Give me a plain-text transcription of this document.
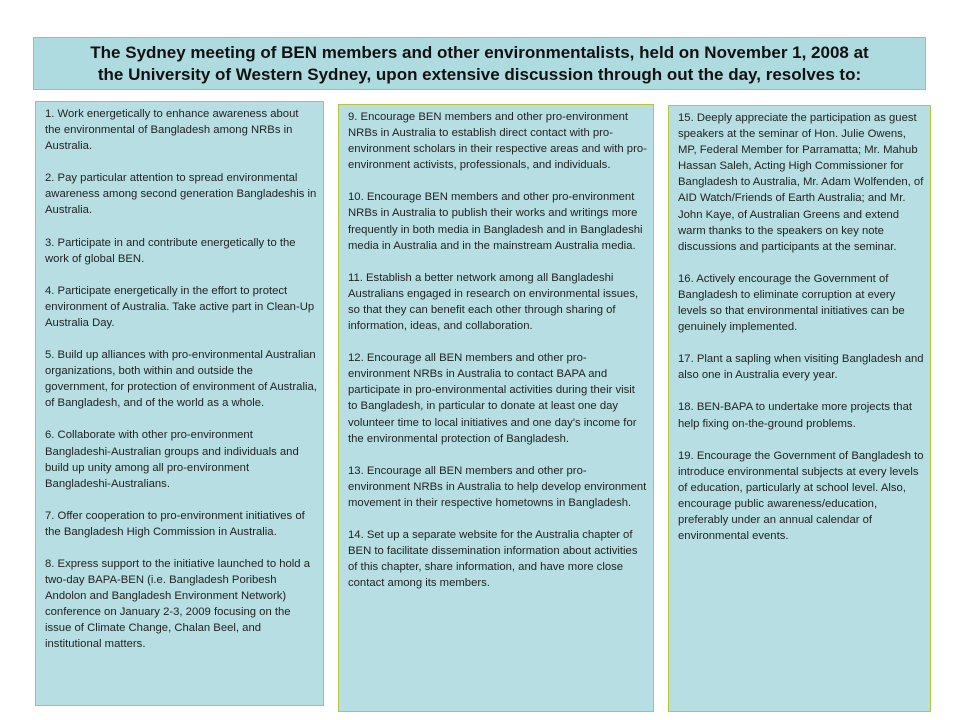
The Sydney meeting of BEN members and other environmentalists, held on November 1, 2008 at
the University of Western Sydney, upon extensive discussion through out the day, resolves to:

1. Work energetically to enhance awareness about the environmental of Bangladesh among NRBs in Australia.

2. Pay particular attention to spread environmental awareness among second generation Bangladeshis in Australia.

3. Participate in and contribute energetically to the work of global BEN.

4. Participate energetically in the effort to protect environment of Australia. Take active part in Clean-Up Australia Day.

5. Build up alliances with pro-environmental Australian organizations, both within and outside the government, for protection of environment of Australia, of Bangladesh, and of the world as a whole.

6. Collaborate with other pro-environment Bangladeshi-Australian groups and individuals and build up unity among all pro-environment Bangladeshi-Australians.

7. Offer cooperation to pro-environment initiatives of the Bangladesh High Commission in Australia.

8. Express support to the initiative launched to hold a two-day BAPA-BEN (i.e. Bangladesh Poribesh Andolon and Bangladesh Environment Network) conference on January 2-3, 2009 focusing on the issue of Climate Change, Chalan Beel, and institutional matters.

9. Encourage BEN members and other pro-environment NRBs in Australia to establish direct contact with pro-environment scholars in their respective areas and with pro-environment activists, professionals, and individuals.

10. Encourage BEN members and other pro-environment NRBs in Australia to publish their works and writings more frequently in both media in Bangladesh and in Bangladeshi media in Australia and in the mainstream Australia media.

11. Establish a better network among all Bangladeshi Australians engaged in research on environmental issues, so that they can benefit each other through sharing of information, ideas, and collaboration.

12. Encourage all BEN members and other pro-environment NRBs in Australia to contact BAPA and participate in pro-environmental activities during their visit to Bangladesh, in particular to donate at least one day volunteer time to local initiatives and one day's income for the environmental protection of Bangladesh.

13. Encourage all BEN members and other pro-environment NRBs in Australia to help develop environment movement in their respective hometowns in Bangladesh.

14. Set up a separate website for the Australia chapter of BEN to facilitate dissemination information about activities of this chapter, share information, and have more close contact among its members.

15. Deeply appreciate the participation as guest speakers at the seminar of Hon. Julie Owens, MP, Federal Member for Parramatta; Mr. Mahub Hassan Saleh, Acting High Commissioner for Bangladesh to Australia, Mr. Adam Wolfenden, of AID Watch/Friends of Earth Australia; and Mr. John Kaye, of Australian Greens and extend warm thanks to the speakers on key note discussions and participants at the seminar.

16. Actively encourage the Government of Bangladesh to eliminate corruption at every levels so that environmental initiatives can be genuinely implemented.

17. Plant a sapling when visiting Bangladesh and also one in Australia every year.

18. BEN-BAPA to undertake more projects that help fixing on-the-ground problems.

19. Encourage the Government of Bangladesh to introduce environmental subjects at every levels of education, particularly at school level. Also, encourage public awareness/education, preferably under an annual calendar of environmental events.
